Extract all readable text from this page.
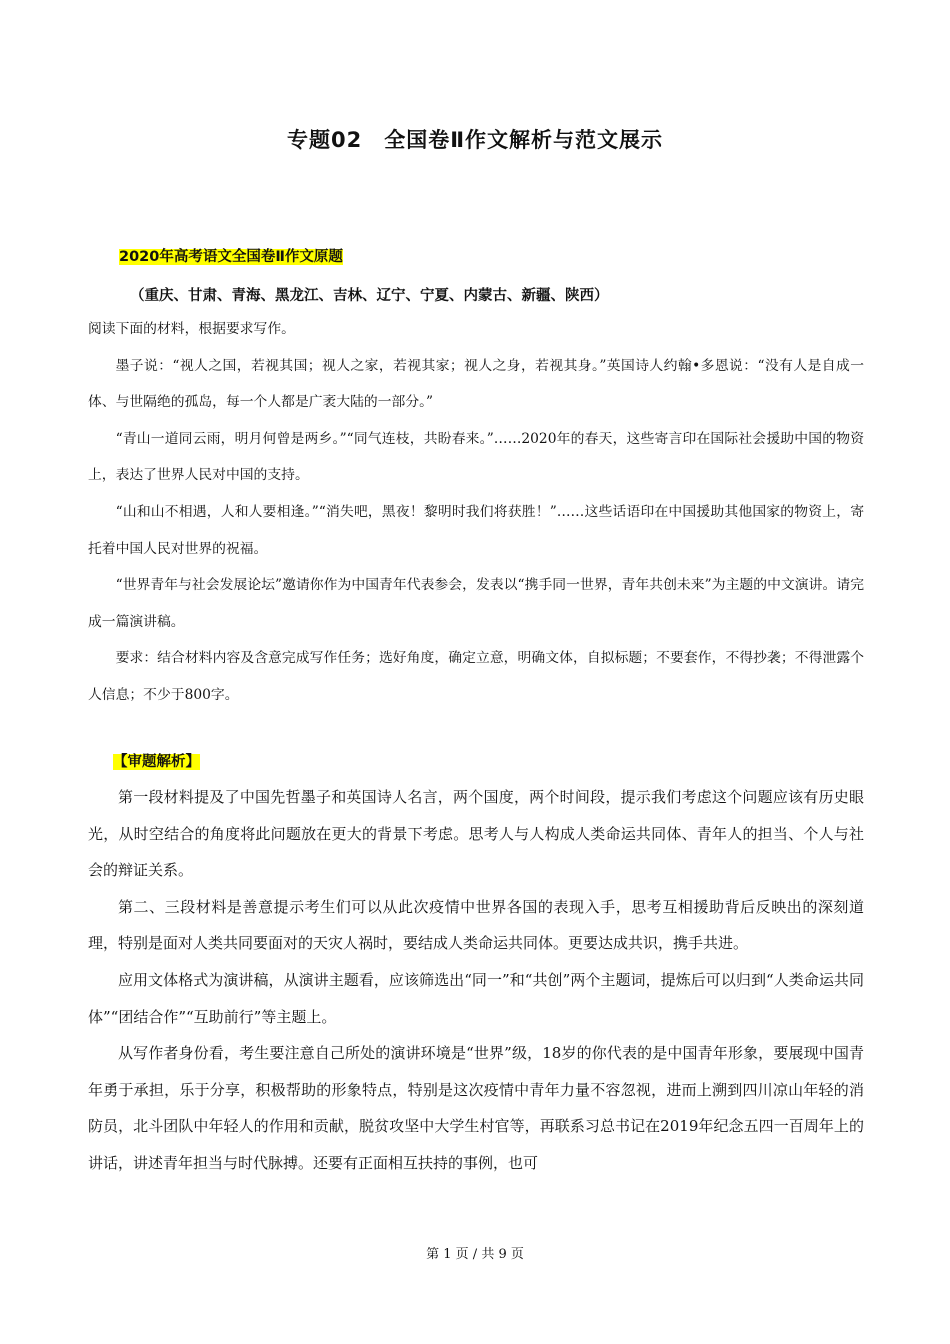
专题02　全国卷Ⅱ作文解析与范文展示
2020年高考语文全国卷Ⅱ作文原题
（重庆、甘肃、青海、黑龙江、吉林、辽宁、宁夏、内蒙古、新疆、陕西）

阅读下面的材料，根据要求写作。

墨子说：“视人之国，若视其国；视人之家，若视其家；视人之身，若视其身。”英国诗人约翰•多恩说：“没有人是自成一体、与世隔绝的孤岛，每一个人都是广袤大陆的一部分。”

“青山一道同云雨，明月何曾是两乡。”“同气连枝，共盼春来。”……2020年的春天，这些寄言印在国际社会援助中国的物资上，表达了世界人民对中国的支持。

“山和山不相遇，人和人要相逢。”“消失吧，黑夜！黎明时我们将获胜！”……这些话语印在中国援助其他国家的物资上，寄托着中国人民对世界的祝福。

“世界青年与社会发展论坛”邀请你作为中国青年代表参会，发表以“携手同一世界，青年共创未来”为主题的中文演讲。请完成一篇演讲稿。

要求：结合材料内容及含意完成写作任务；选好角度，确定立意，明确文体，自拟标题；不要套作，不得抄袭；不得泄露个人信息；不少于800字。

【审题解析】

第一段材料提及了中国先哲墨子和英国诗人名言，两个国度，两个时间段，提示我们考虑这个问题应该有历史眼光，从时空结合的角度将此问题放在更大的背景下考虑。思考人与人构成人类命运共同体、青年人的担当、个人与社会的辩证关系。

第二、三段材料是善意提示考生们可以从此次疫情中世界各国的表现入手，思考互相援助背后反映出的深刻道理，特别是面对人类共同要面对的天灾人祸时，要结成人类命运共同体。更要达成共识，携手共进。

应用文体格式为演讲稿，从演讲主题看，应该筛选出“同一”和“共创”两个主题词，提炼后可以归到“人类命运共同体”“团结合作”“互助前行”等主题上。

从写作者身份看，考生要注意自己所处的演讲环境是“世界”级，18岁的你代表的是中国青年形象，要展现中国青年勇于承担，乐于分享，积极帮助的形象特点，特别是这次疫情中青年力量不容忽视，进而上溯到四川凉山年轻的消防员，北斗团队中年轻人的作用和贡献，脱贫攻坚中大学生村官等，再联系习总书记在2019年纪念五四一百周年上的讲话，讲述青年担当与时代脉搏。还要有正面相互扶持的事例，也可

第 1 页 / 共 9 页
